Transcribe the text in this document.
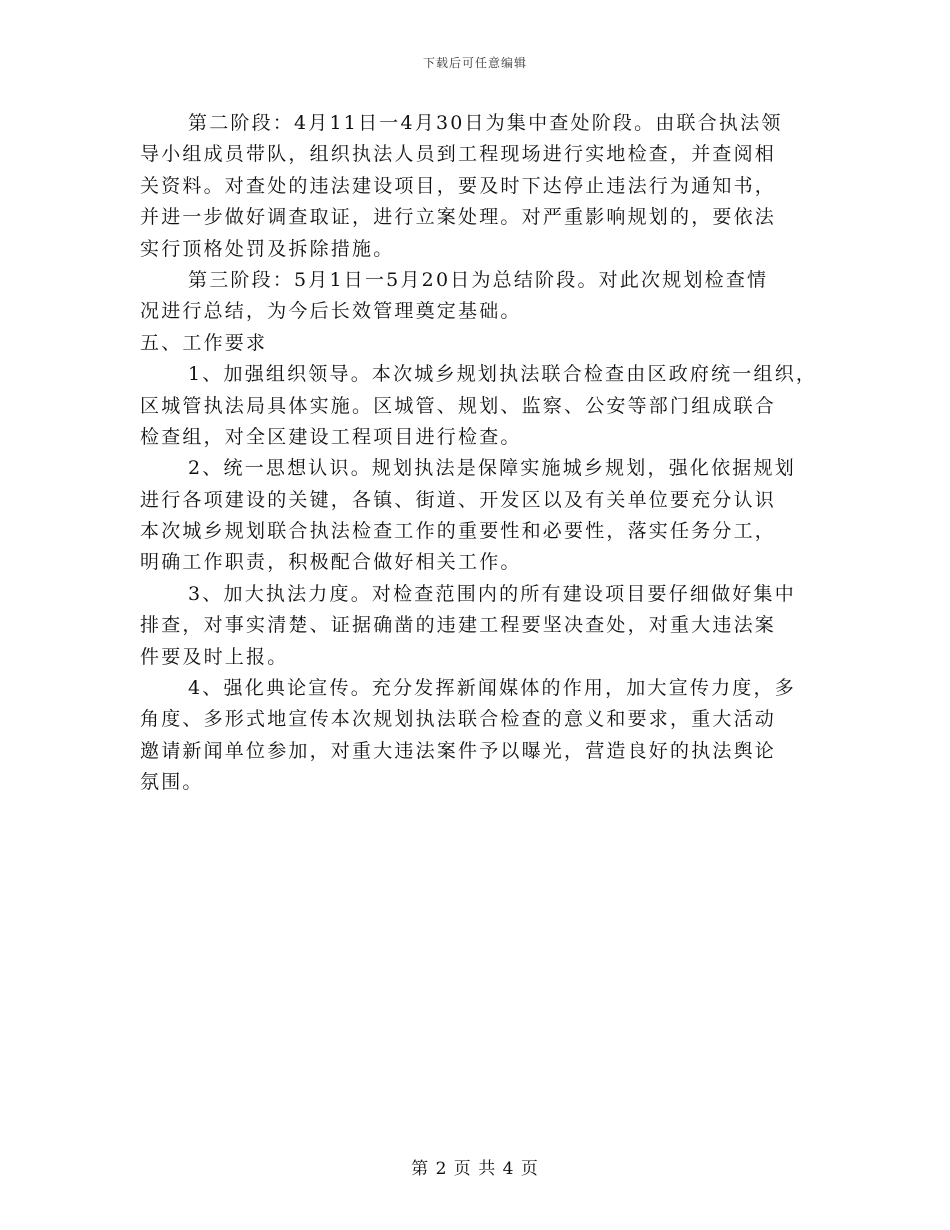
下载后可任意编辑
第二阶段：4月11日一4月30日为集中查处阶段。由联合执法领
导小组成员带队，组织执法人员到工程现场进行实地检查，并查阅相
关资料。对查处的违法建设项目，要及时下达停止违法行为通知书，
并进一步做好调查取证，进行立案处理。对严重影响规划的，要依法
实行顶格处罚及拆除措施。
第三阶段：5月1日一5月20日为总结阶段。对此次规划检查情
况进行总结，为今后长效管理奠定基础。
五、工作要求
1、加强组织领导。本次城乡规划执法联合检查由区政府统一组织，
区城管执法局具体实施。区城管、规划、监察、公安等部门组成联合
检查组，对全区建设工程项目进行检查。
2、统一思想认识。规划执法是保障实施城乡规划，强化依据规划
进行各项建设的关键，各镇、街道、开发区以及有关单位要充分认识
本次城乡规划联合执法检查工作的重要性和必要性，落实任务分工，
明确工作职责，积极配合做好相关工作。
3、加大执法力度。对检查范围内的所有建设项目要仔细做好集中
排查，对事实清楚、证据确凿的违建工程要坚决查处，对重大违法案
件要及时上报。
4、强化典论宣传。充分发挥新闻媒体的作用，加大宣传力度，多
角度、多形式地宣传本次规划执法联合检查的意义和要求，重大活动
邀请新闻单位参加，对重大违法案件予以曝光，营造良好的执法舆论
氛围。
第 2 页 共 4 页
